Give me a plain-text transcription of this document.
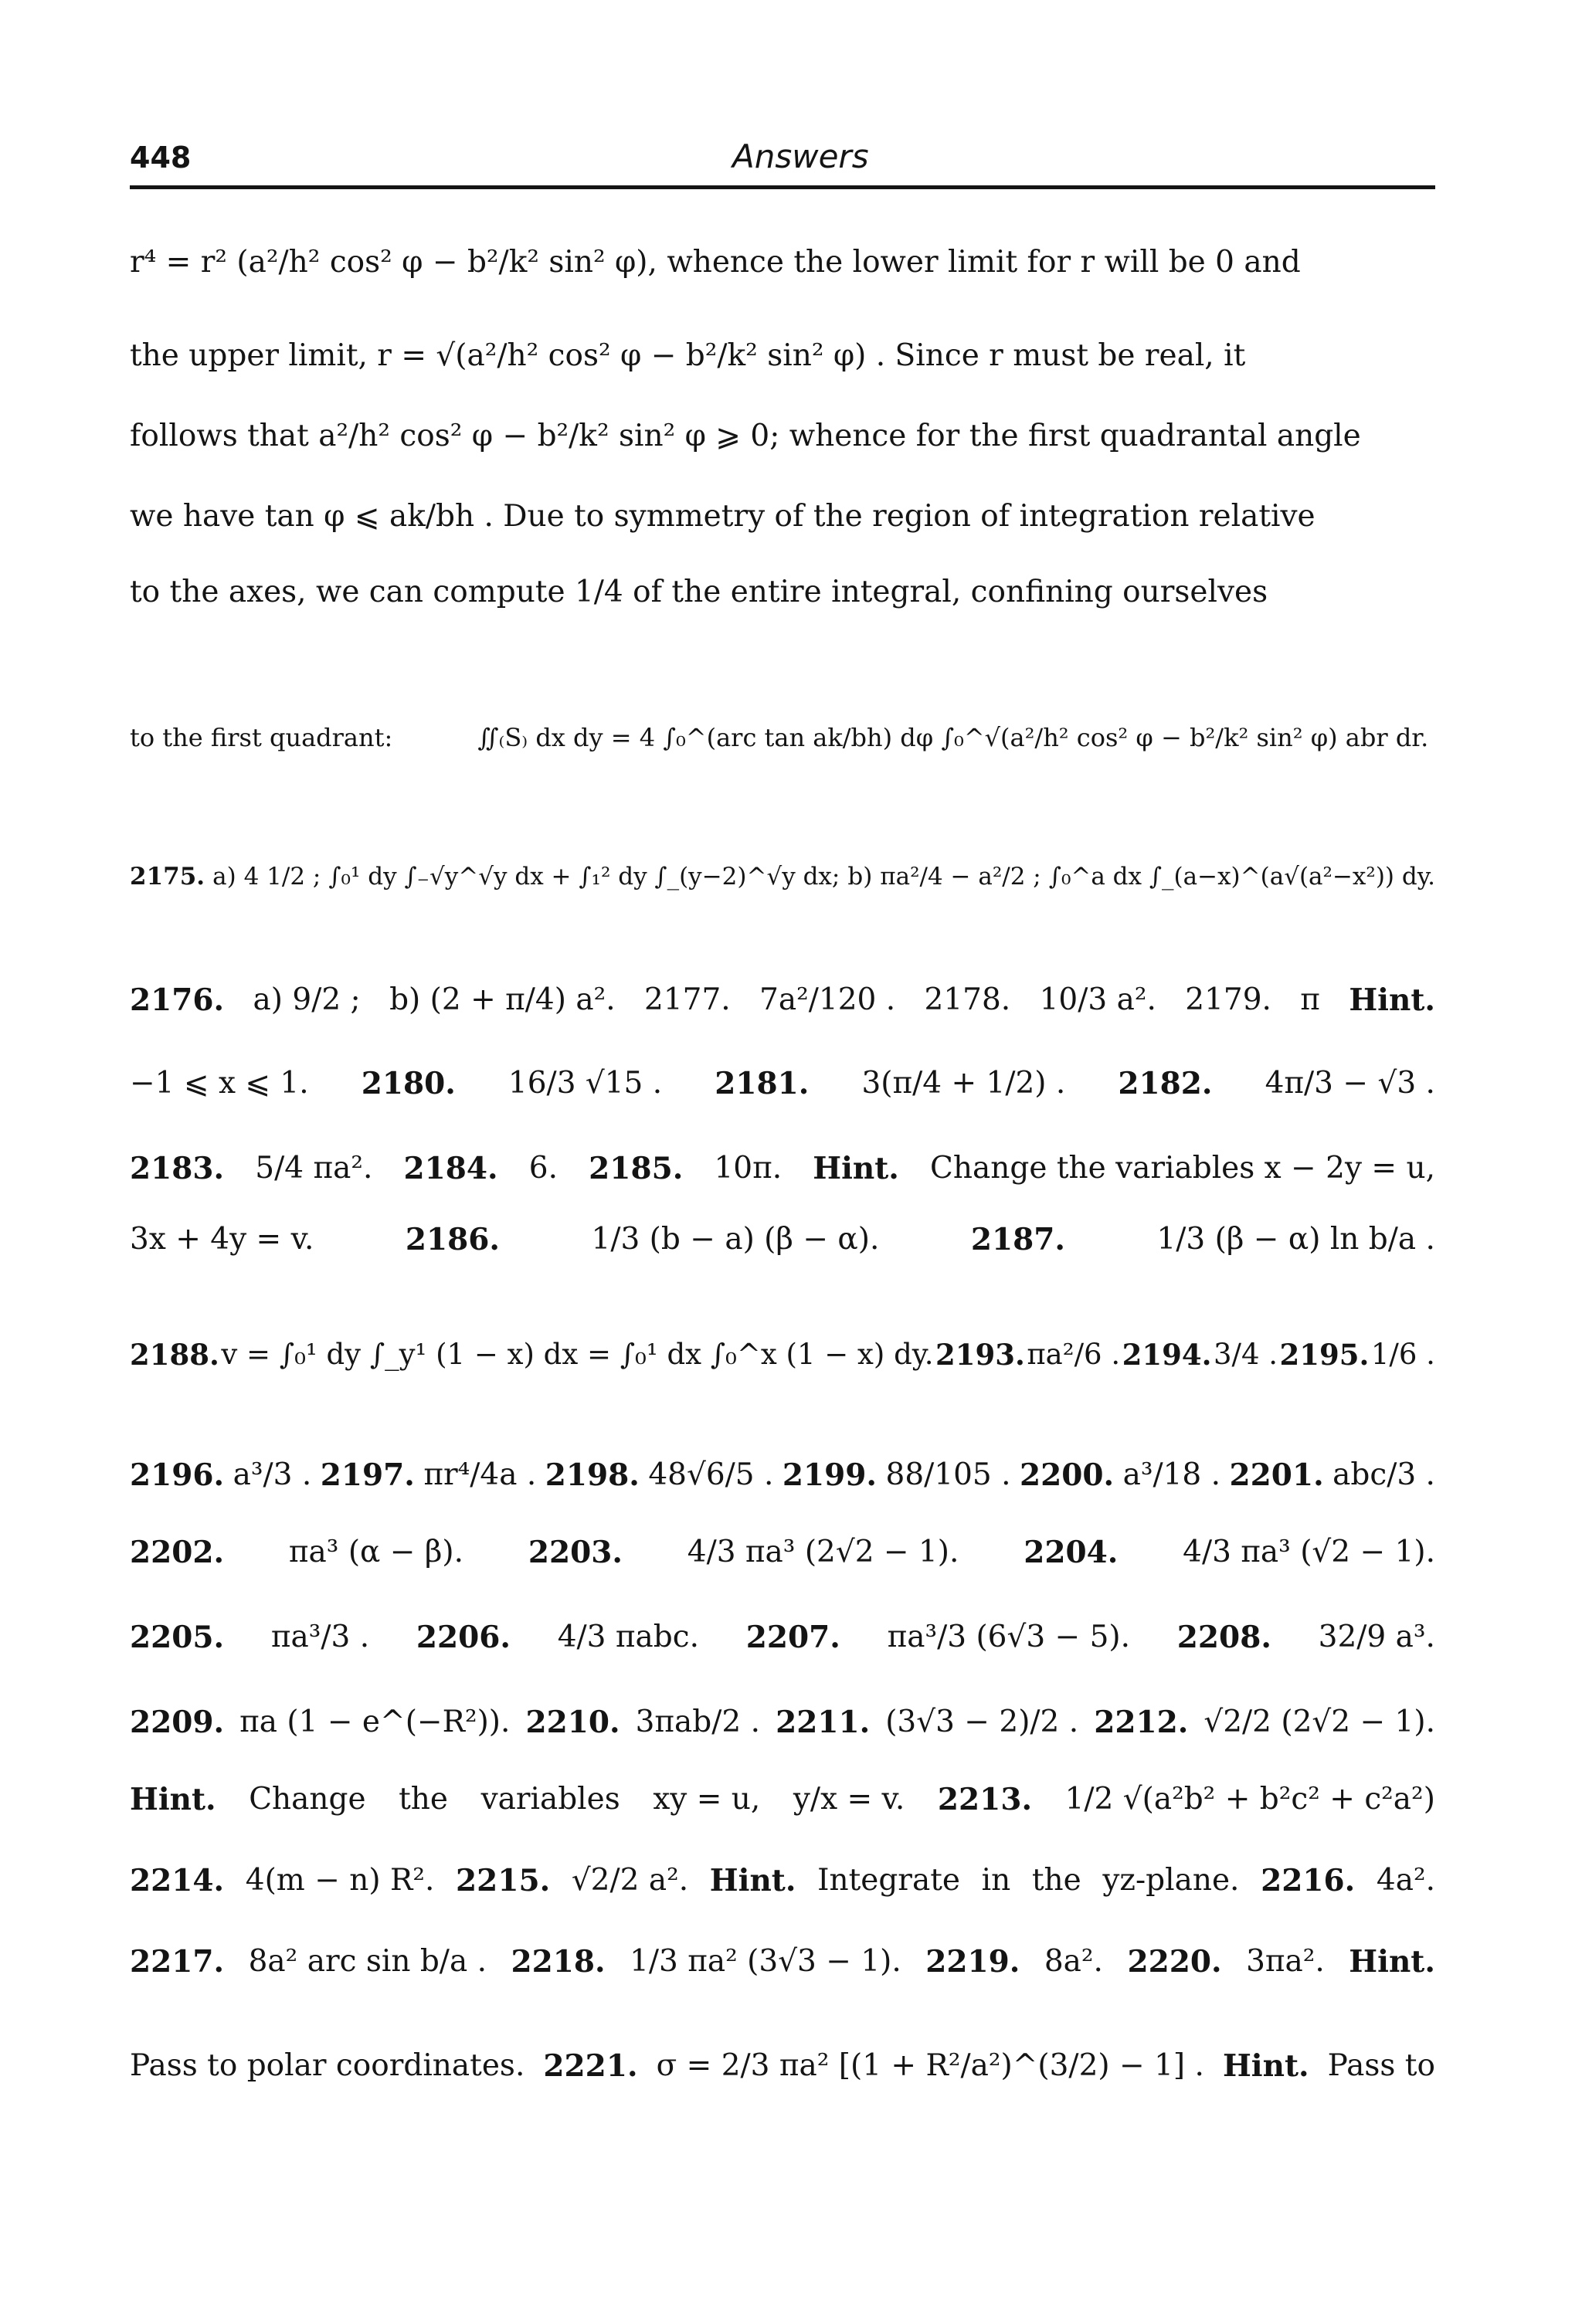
448	Answers
r⁴ = r² (a²/h² cos² φ − b²/k² sin² φ), whence the lower limit for r will be 0 and
the upper limit, r = √(a²/h² cos² φ − b²/k² sin² φ) . Since r must be real, it
follows that a²/h² cos² φ − b²/k² sin² φ ⩾ 0; whence for the first quadrantal angle
we have tan φ ⩽ ak/bh . Due to symmetry of the region of integration relative
to the axes, we can compute 1/4 of the entire integral, confining ourselves
to the first quadrant:	∬₍S₎ dx dy = 4 ∫₀^(arc tan ak/bh) dφ ∫₀^√(a²/h² cos² φ − b²/k² sin² φ) abr dr.
2175. a) 4 1/2 ; ∫₀¹ dy ∫₋√y^√y dx + ∫₁² dy ∫_(y−2)^√y dx; b) πa²/4 − a²/2 ; ∫₀^a dx ∫_(a−x)^(a√(a²−x²)) dy.
2176. a) 9/2 ; b) (2 + π/4) a². 2177. 7a²/120 . 2178. 10/3 a². 2179. π Hint.
−1 ⩽ x ⩽ 1. 2180. 16/3 √15 . 2181. 3(π/4 + 1/2) . 2182. 4π/3 − √3 .
2183. 5/4 πa². 2184. 6. 2185. 10π. Hint. Change the variables x − 2y = u,
3x + 4y = v.	2186.	1/3 (b − a) (β − α).	2187.	1/3 (β − α) ln b/a .
2188. v = ∫₀¹ dy ∫_y¹ (1 − x) dx = ∫₀¹ dx ∫₀^x (1 − x) dy. 2193. πa²/6 . 2194. 3/4 . 2195. 1/6 .
2196. a³/3 . 2197. πr⁴/4a . 2198. 48√6/5 . 2199. 88/105 . 2200. a³/18 . 2201. abc/3 .
2202. πa³ (α − β). 2203. 4/3 πa³ (2√2 − 1). 2204. 4/3 πa³ (√2 − 1).
2205. πa³/3 . 2206. 4/3 πabc. 2207. πa³/3 (6√3 − 5). 2208. 32/9 a³.
2209. πa (1 − e^(−R²)). 2210. 3πab/2 . 2211. (3√3 − 2)/2 . 2212. √2/2 (2√2 − 1).
Hint. Change the variables xy = u, y/x = v. 2213. 1/2 √(a²b² + b²c² + c²a²)
2214. 4(m − n) R². 2215. √2/2 a². Hint. Integrate in the yz-plane. 2216. 4a².
2217. 8a² arc sin b/a . 2218. 1/3 πa² (3√3 − 1). 2219. 8a². 2220. 3πa². Hint.
Pass to polar coordinates. 2221. σ = 2/3 πa² [(1 + R²/a²)^(3/2) − 1] . Hint. Pass to
